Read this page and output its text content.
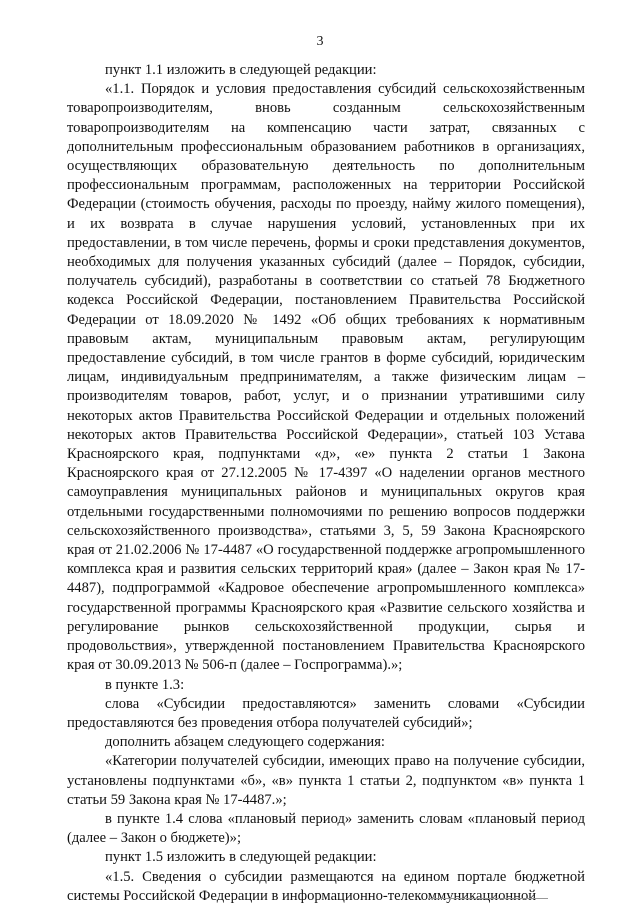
3

пункт 1.1 изложить в следующей редакции:

«1.1. Порядок и условия предоставления субсидий сельскохозяйственным товаропроизводителям, вновь созданным сельскохозяйственным товаропроизводителям на компенсацию части затрат, связанных с дополнительным профессиональным образованием работников в организациях, осуществляющих образовательную деятельность по дополнительным профессиональным программам, расположенных на территории Российской Федерации (стоимость обучения, расходы по проезду, найму жилого помещения), и их возврата в случае нарушения условий, установленных при их предоставлении, в том числе перечень, формы и сроки представления документов, необходимых для получения указанных субсидий (далее – Порядок, субсидии, получатель субсидий), разработаны в соответствии со статьей 78 Бюджетного кодекса Российской Федерации, постановлением Правительства Российской Федерации от 18.09.2020 № 1492 «Об общих требованиях к нормативным правовым актам, муниципальным правовым актам, регулирующим предоставление субсидий, в том числе грантов в форме субсидий, юридическим лицам, индивидуальным предпринимателям, а также физическим лицам – производителям товаров, работ, услуг, и о признании утратившими силу некоторых актов Правительства Российской Федерации и отдельных положений некоторых актов Правительства Российской Федерации», статьей 103 Устава Красноярского края, подпунктами «д», «е» пункта 2 статьи 1 Закона Красноярского края от 27.12.2005 № 17-4397 «О наделении органов местного самоуправления муниципальных районов и муниципальных округов края отдельными государственными полномочиями по решению вопросов поддержки сельскохозяйственного производства», статьями 3, 5, 59 Закона Красноярского края от 21.02.2006 № 17-4487 «О государственной поддержке агропромышленного комплекса края и развития сельских территорий края» (далее – Закон края № 17-4487), подпрограммой «Кадровое обеспечение агропромышленного комплекса» государственной программы Красноярского края «Развитие сельского хозяйства и регулирование рынков сельскохозяйственной продукции, сырья и продовольствия», утвержденной постановлением Правительства Красноярского края от 30.09.2013 № 506-п (далее – Госпрограмма).»;

в пункте 1.3:

слова «Субсидии предоставляются» заменить словами «Субсидии предоставляются без проведения отбора получателей субсидий»;

дополнить абзацем следующего содержания:

«Категории получателей субсидии, имеющих право на получение субсидии, установлены подпунктами «б», «в» пункта 1 статьи 2, подпунктом «в» пункта 1 статьи 59 Закона края № 17-4487.»;

в пункте 1.4 слова «плановый период» заменить словам «плановый период (далее – Закон о бюджете)»;

пункт 1.5 изложить в следующей редакции:

«1.5. Сведения о субсидии размещаются на едином портале бюджетной системы Российской Федерации в информационно-телекоммуникационной
